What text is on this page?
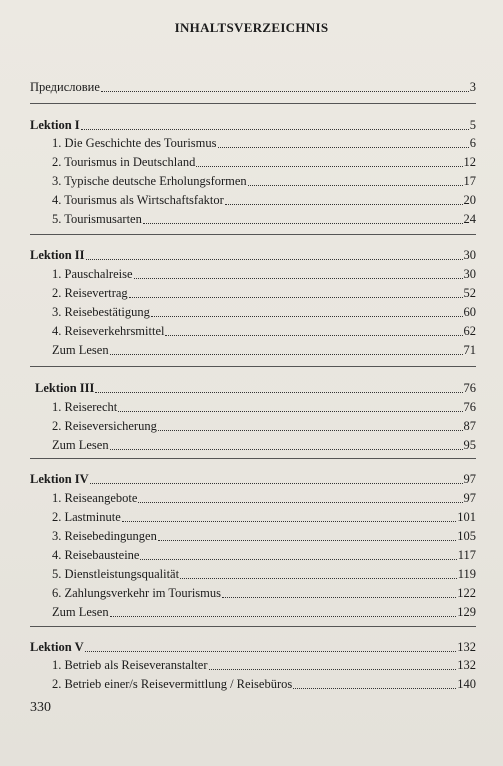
INHALTSVERZEICHNIS
Предисловие	3
Lektion I	5
1. Die Geschichte des Tourismus	6
2. Tourismus in Deutschland	12
3. Typische deutsche Erholungsformen	17
4. Tourismus als Wirtschaftsfaktor	20
5. Tourismusarten	24
Lektion II	30
1. Pauschalreise	30
2. Reisevertrag	52
3. Reisebestätigung	60
4. Reiseverkehrsmittel	62
Zum Lesen	71
Lektion III	76
1. Reiserecht	76
2. Reiseversicherung	87
Zum Lesen	95
Lektion IV	97
1. Reiseangebote	97
2. Lastminute	101
3. Reisebedingungen	105
4. Reisebausteine	117
5. Dienstleistungsqualität	119
6. Zahlungsverkehr im Tourismus	122
Zum Lesen	129
Lektion V	132
1. Betrieb als Reiseveranstalter	132
2. Betrieb einer/s Reisevermittlung / Reisebüros	140
330
